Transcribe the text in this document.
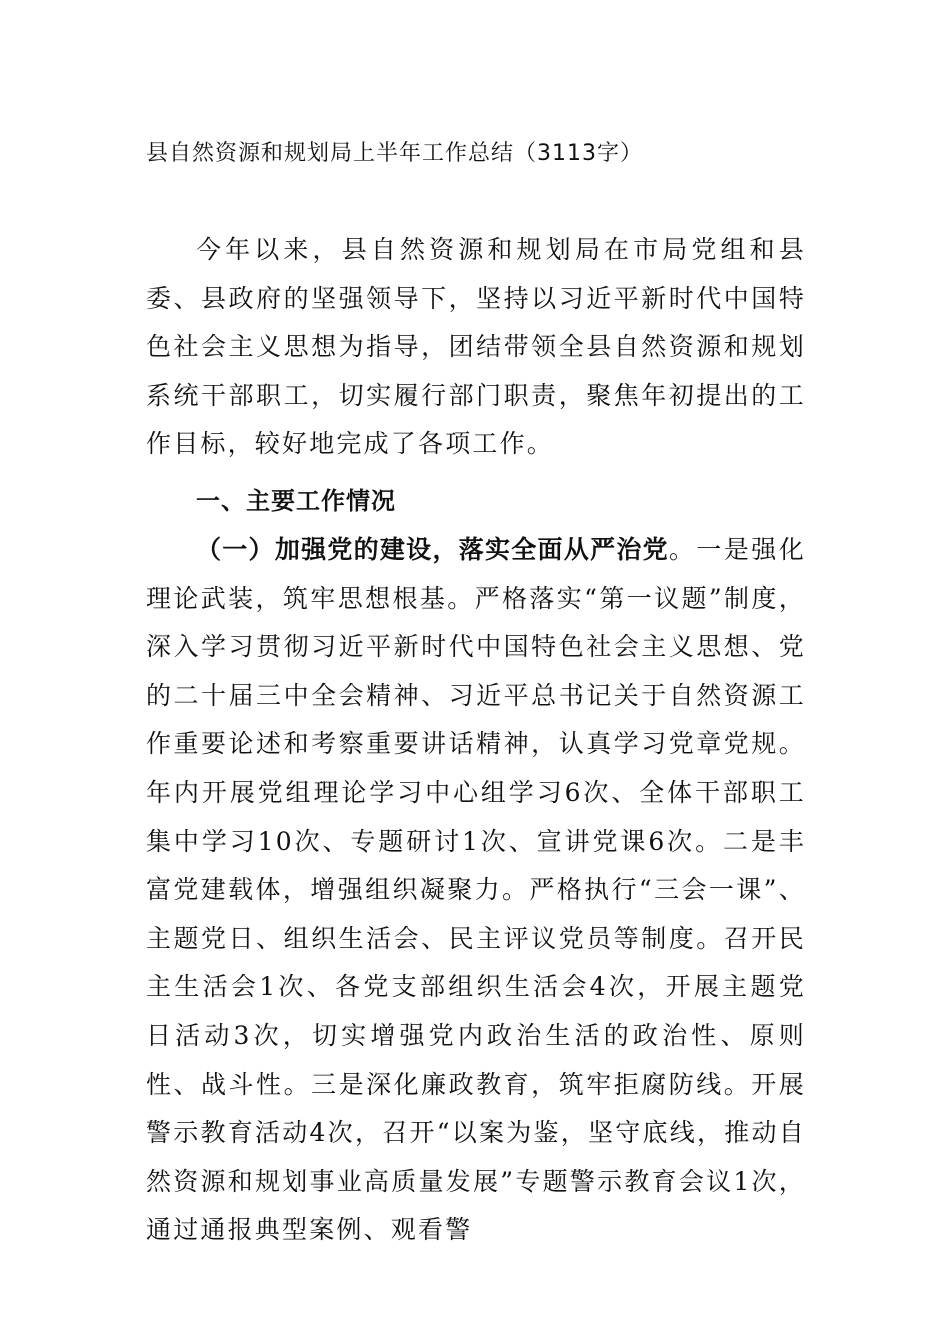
县自然资源和规划局上半年工作总结（3113字）

今年以来，县自然资源和规划局在市局党组和县委、县政府的坚强领导下，坚持以习近平新时代中国特色社会主义思想为指导，团结带领全县自然资源和规划系统干部职工，切实履行部门职责，聚焦年初提出的工作目标，较好地完成了各项工作。

一、主要工作情况

（一）加强党的建设，落实全面从严治党。一是强化理论武装，筑牢思想根基。严格落实“第一议题”制度，深入学习贯彻习近平新时代中国特色社会主义思想、党的二十届三中全会精神、习近平总书记关于自然资源工作重要论述和考察重要讲话精神，认真学习党章党规。年内开展党组理论学习中心组学习6次、全体干部职工集中学习10次、专题研讨1次、宣讲党课6次。二是丰富党建载体，增强组织凝聚力。严格执行“三会一课”、主题党日、组织生活会、民主评议党员等制度。召开民主生活会1次、各党支部组织生活会4次，开展主题党日活动3次，切实增强党内政治生活的政治性、原则性、战斗性。三是深化廉政教育，筑牢拒腐防线。开展警示教育活动4次，召开“以案为鉴，坚守底线，推动自然资源和规划事业高质量发展”专题警示教育会议1次，通过通报典型案例、观看警
